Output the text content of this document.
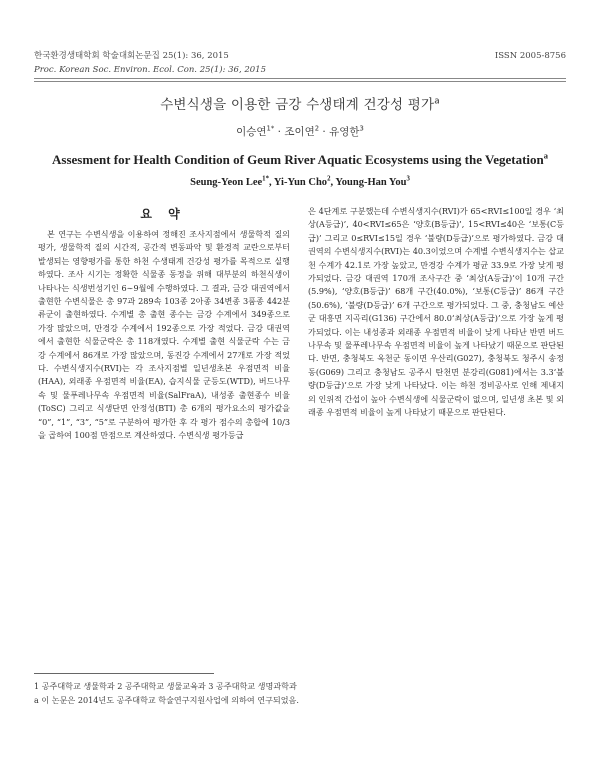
한국환경생태학회 학술대회논문집 25(1): 36, 2015
Proc. Korean Soc. Environ. Ecol. Con. 25(1): 36, 2015
ISSN 2005-8756
수변식생을 이용한 금강 수생태계 건강성 평가$^a$
이승연$^{1*}$ · 조이연$^2$ · 유영한$^3$
Assesment for Health Condition of Geum River Aquatic Ecosystems using the Vegetation$^a$
Seung-Yeon Lee$^{1*}$, Yi-Yun Cho$^2$, Young-Han You$^3$
요 약

본 연구는 수변식생을 이용하여 정해진 조사지점에서 생물학적 질의 평가, 생물학적 질의 시간적, 공간적 변동파악 및 환경적 교란으로부터 발생되는 영향평가를 통한 하천 수생태계 건강성 평가를 목적으로 실행하였다. 조사 시기는 정확한 식물종 동정을 위해 대부분의 하천식생이 나타나는 식생번성기인 6∼9월에 수행하였다. 그 결과, 금강 대권역에서 출현한 수변식물은 총 97과 289속 103종 2아종 34변종 3품종 442분류군이 출현하였다. 수계별 총 출현 종수는 금강 수계에서 349종으로 가장 많았으며, 만경강 수계에서 192종으로 가장 적었다. 금강 대권역에서 출현한 식물군락은 총 118개였다. 수계별 출현 식물군락 수는 금강 수계에서 86개로 가장 많았으며, 동진강 수계에서 27개로 가장 적었다. 수변식생지수(RVI)는 각 조사지점별 일년생초본 우점면적 비율(HAA), 외래종 우점면적 비율(EA), 습지식물 군등도(WTD), 버드나무속 및 물푸레나무속 우점면적 비율(SalFraA), 내성종 출현종수 비율(ToSC) 그리고 식생단면 안정성(BTI) 총 6개의 평가요소의 평가값을 “0”, “1”, “3”, “5”로 구분하여 평가한 후 각 평가 점수의 총합에 10/3을 곱하여 100점 만점으로 계산하였다. 수변식생 평가등급

은 4단계로 구분했는데 수변식생지수(RVI)가 65<RVI≤100일 경우 ‘최상(A등급)’, 40<RVI≤65은 ‘양호(B등급)’, 15<RVI≤40은 ‘보통(C등급)’ 그리고 0≤RVI≤15일 경우 ‘불량(D등급)’으로 평가하였다. 금강 대권역의 수변식생지수(RVI)는 40.3이었으며 수계별 수변식생지수는 삽교천 수계가 42.1로 가장 높았고, 만경강 수계가 평균 33.9로 가장 낮게 평가되었다. 금강 대권역 170개 조사구간 중 ‘최상(A등급)’이 10개 구간(5.9%), ‘양호(B등급)’ 68개 구간(40.0%), ‘보통(C등급)’ 86개 구간(50.6%), ‘불량(D등급)’ 6개 구간으로 평가되었다. 그 중, 충청남도 예산군 대흥면 지곡리(G136) 구간에서 80.0‘최상(A등급)’으로 가장 높게 평가되었다. 이는 내성종과 외래종 우점면적 비율이 낮게 나타난 반면 버드나무속 및 물푸레나무속 우점면적 비율이 높게 나타났기 때문으로 판단된다. 반면, 충청북도 옥천군 동이면 우산리(G027), 충청북도 청주시 송정동(G069) 그리고 충청남도 공주시 탄천면 분강리(G081)에서는 3.3‘불량(D등급)’으로 가장 낮게 나타났다. 이는 하천 정비공사로 인해 제내지의 인위적 간섭이 높아 수변식생에 식물군락이 없으며, 일년생 초본 및 외래종 우점면적 비율이 높게 나타났기 때문으로 판단된다.

1 공주대학교 생물학과 2 공주대학교 생물교육과 3 공주대학교 생명과학과
a 이 논문은 2014년도 공주대학교 학술연구지원사업에 의하여 연구되었음.
